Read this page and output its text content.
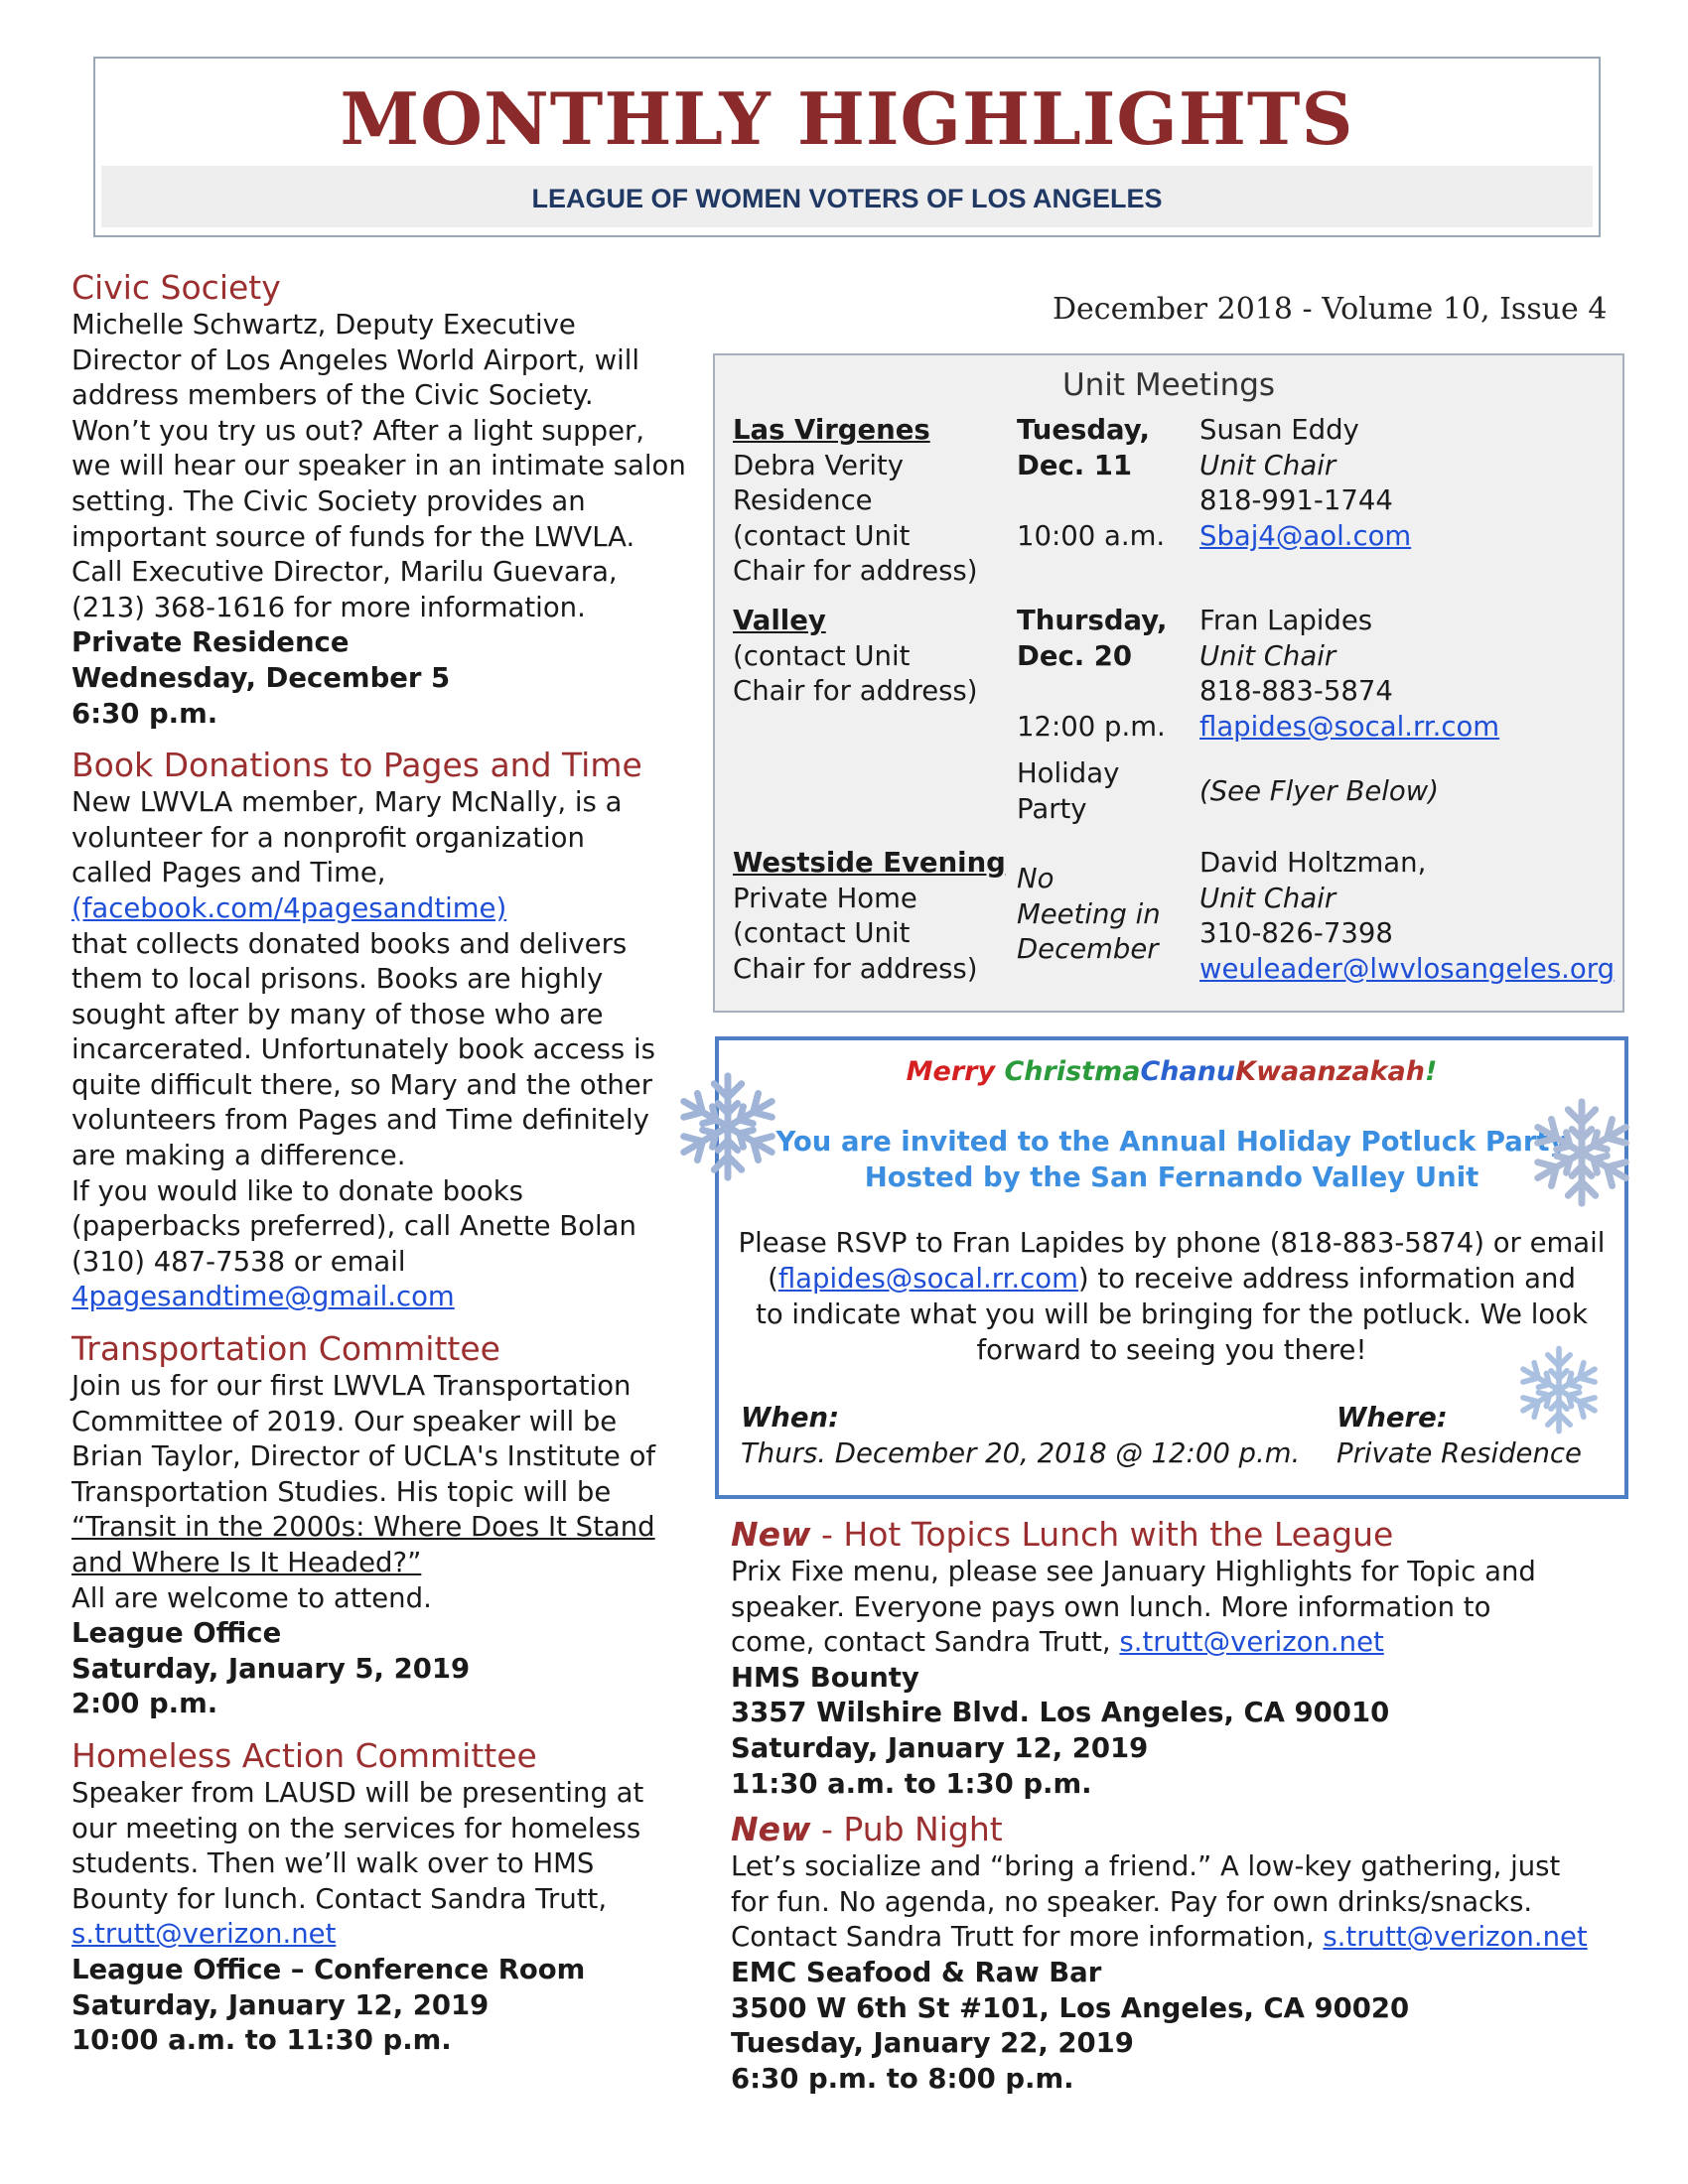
MONTHLY HIGHLIGHTS
LEAGUE OF WOMEN VOTERS OF LOS ANGELES
December 2018 - Volume 10, Issue 4
Civic Society

Michelle Schwartz, Deputy Executive

Director of Los Angeles World Airport, will

address members of the Civic Society.

Won’t you try us out? After a light supper,

we will hear our speaker in an intimate salon

setting. The Civic Society provides an

important source of funds for the LWVLA.

Call Executive Director, Marilu Guevara,

(213) 368-1616 for more information.

Private Residence

Wednesday, December 5

6:30 p.m.

Book Donations to Pages and Time

New LWVLA member, Mary McNally, is a

volunteer for a nonprofit organization

called Pages and Time,

(facebook.com/4pagesandtime)

that collects donated books and delivers

them to local prisons. Books are highly

sought after by many of those who are

incarcerated. Unfortunately book access is

quite difficult there, so Mary and the other

volunteers from Pages and Time definitely

are making a difference.

If you would like to donate books

(paperbacks preferred), call Anette Bolan

(310) 487-7538 or email

4pagesandtime@gmail.com

Transportation Committee

Join us for our first LWVLA Transportation

Committee of 2019. Our speaker will be

Brian Taylor, Director of UCLA's Institute of

Transportation Studies. His topic will be

“Transit in the 2000s: Where Does It Stand

and Where Is It Headed?”

All are welcome to attend.

League Office

Saturday, January 5, 2019

2:00 p.m.

Homeless Action Committee

Speaker from LAUSD will be presenting at

our meeting on the services for homeless

students. Then we’ll walk over to HMS

Bounty for lunch. Contact Sandra Trutt,

s.trutt@verizon.net

League Office – Conference Room

Saturday, January 12, 2019

10:00 a.m. to 11:30 p.m.

Unit Meetings
Las Virgenes
Debra Verity
Residence
(contact Unit
Chair for address)
Tuesday,
Dec. 11
10:00 a.m.
Susan Eddy
Unit Chair
818-991-1744
Sbaj4@aol.com
Valley
(contact Unit
Chair for address)
Thursday,
Dec. 20
12:00 p.m.
Holiday
Party
Fran Lapides
Unit Chair
818-883-5874
flapides@socal.rr.com
(See Flyer Below)
Westside Evening
Private Home
(contact Unit
Chair for address)
No
Meeting in
December
David Holtzman,
Unit Chair
310-826-7398
weuleader@lwvlosangeles.org
Merry ChristmaChanuKwaanzakah!
You are invited to the Annual Holiday Potluck Party
Hosted by the San Fernando Valley Unit
Please RSVP to Fran Lapides by phone (818-883-5874) or email
(flapides@socal.rr.com) to receive address information and
to indicate what you will be bringing for the potluck. We look
forward to seeing you there!
When:
Thurs. December 20, 2018 @ 12:00 p.m.
Where:
Private Residence
New - Hot Topics Lunch with the League

Prix Fixe menu, please see January Highlights for Topic and

speaker. Everyone pays own lunch. More information to

come, contact Sandra Trutt, s.trutt@verizon.net

HMS Bounty

3357 Wilshire Blvd. Los Angeles, CA 90010

Saturday, January 12, 2019

11:30 a.m. to 1:30 p.m.

New - Pub Night

Let’s socialize and “bring a friend.” A low-key gathering, just

for fun. No agenda, no speaker. Pay for own drinks/snacks.

Contact Sandra Trutt for more information, s.trutt@verizon.net

EMC Seafood & Raw Bar

3500 W 6th St #101, Los Angeles, CA 90020

Tuesday, January 22, 2019

6:30 p.m. to 8:00 p.m.
